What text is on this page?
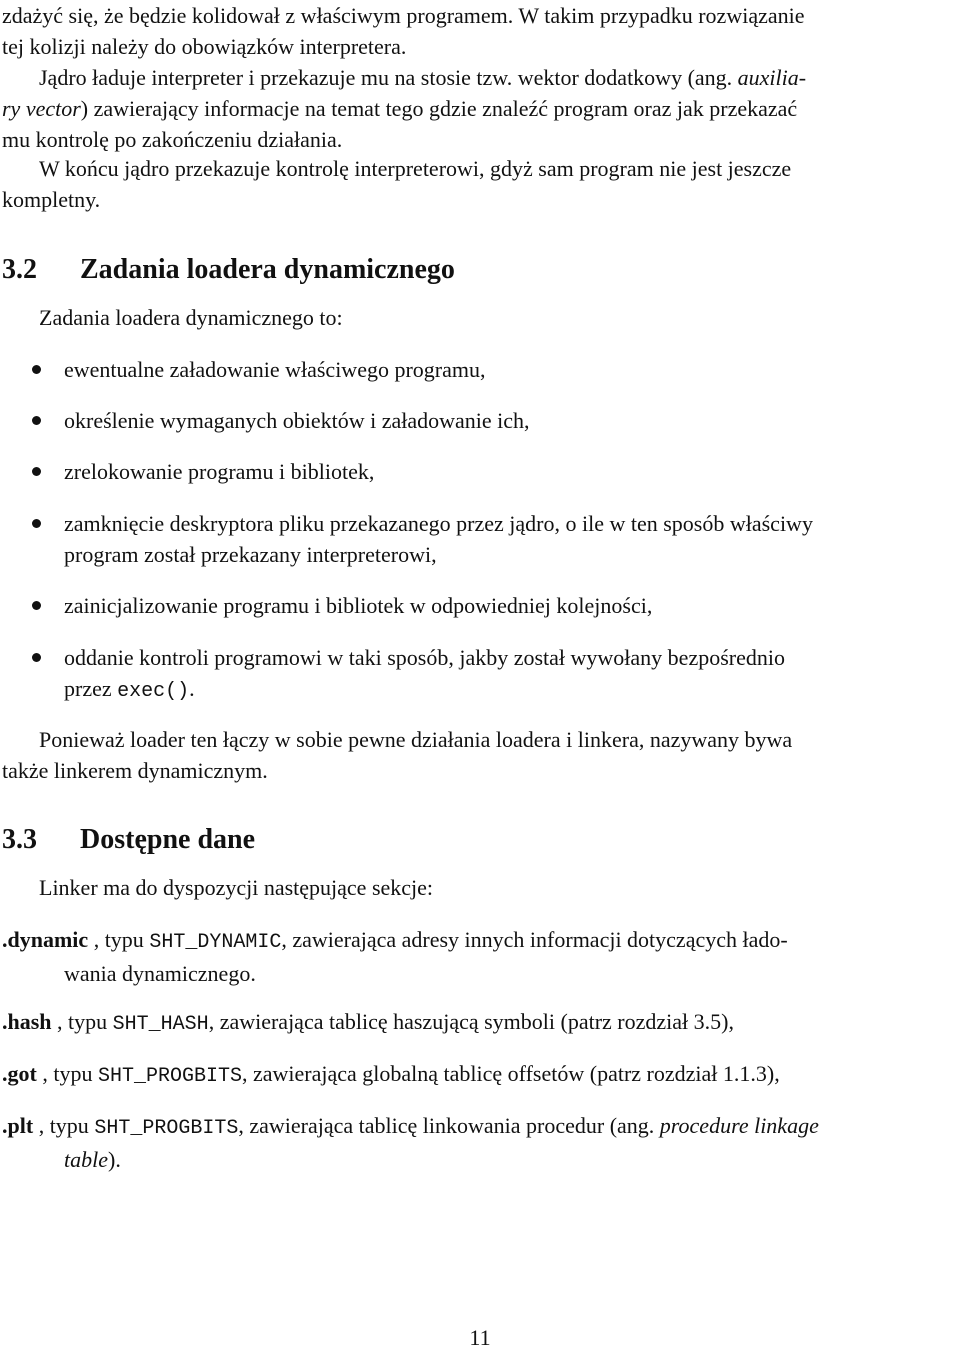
zdażyć się, że będzie kolidował z właściwym programem. W takim przypadku rozwiązanie

tej kolizji należy do obowiązków interpretera.

Jądro ładuje interpreter i przekazuje mu na stosie tzw. wektor dodatkowy (ang. auxilia-

ry vector) zawierający informacje na temat tego gdzie znaleźć program oraz jak przekazać

mu kontrolę po zakończeniu działania.

W końcu jądro przekazuje kontrolę interpreterowi, gdyż sam program nie jest jeszcze

kompletny.

3.2 Zadania loadera dynamicznego

Zadania loadera dynamicznego to:

ewentualne załadowanie właściwego programu,
określenie wymaganych obiektów i załadowanie ich,
zrelokowanie programu i bibliotek,
zamknięcie deskryptora pliku przekazanego przez jądro, o ile w ten sposób właściwy
program został przekazany interpreterowi,
zainicjalizowanie programu i bibliotek w odpowiedniej kolejności,
oddanie kontroli programowi w taki sposób, jakby został wywołany bezpośrednio
przez exec().

Ponieważ loader ten łączy w sobie pewne działania loadera i linkera, nazywany bywa

także linkerem dynamicznym.

3.3 Dostępne dane

Linker ma do dyspozycji następujące sekcje:

.dynamic , typu SHT_DYNAMIC, zawierająca adresy innych informacji dotyczących łado-
wania dynamicznego.
.hash , typu SHT_HASH, zawierająca tablicę haszującą symboli (patrz rozdział 3.5),
.got , typu SHT_PROGBITS, zawierająca globalną tablicę offsetów (patrz rozdział 1.1.3),
.plt , typu SHT_PROGBITS, zawierająca tablicę linkowania procedur (ang. procedure linkage
table).
11
